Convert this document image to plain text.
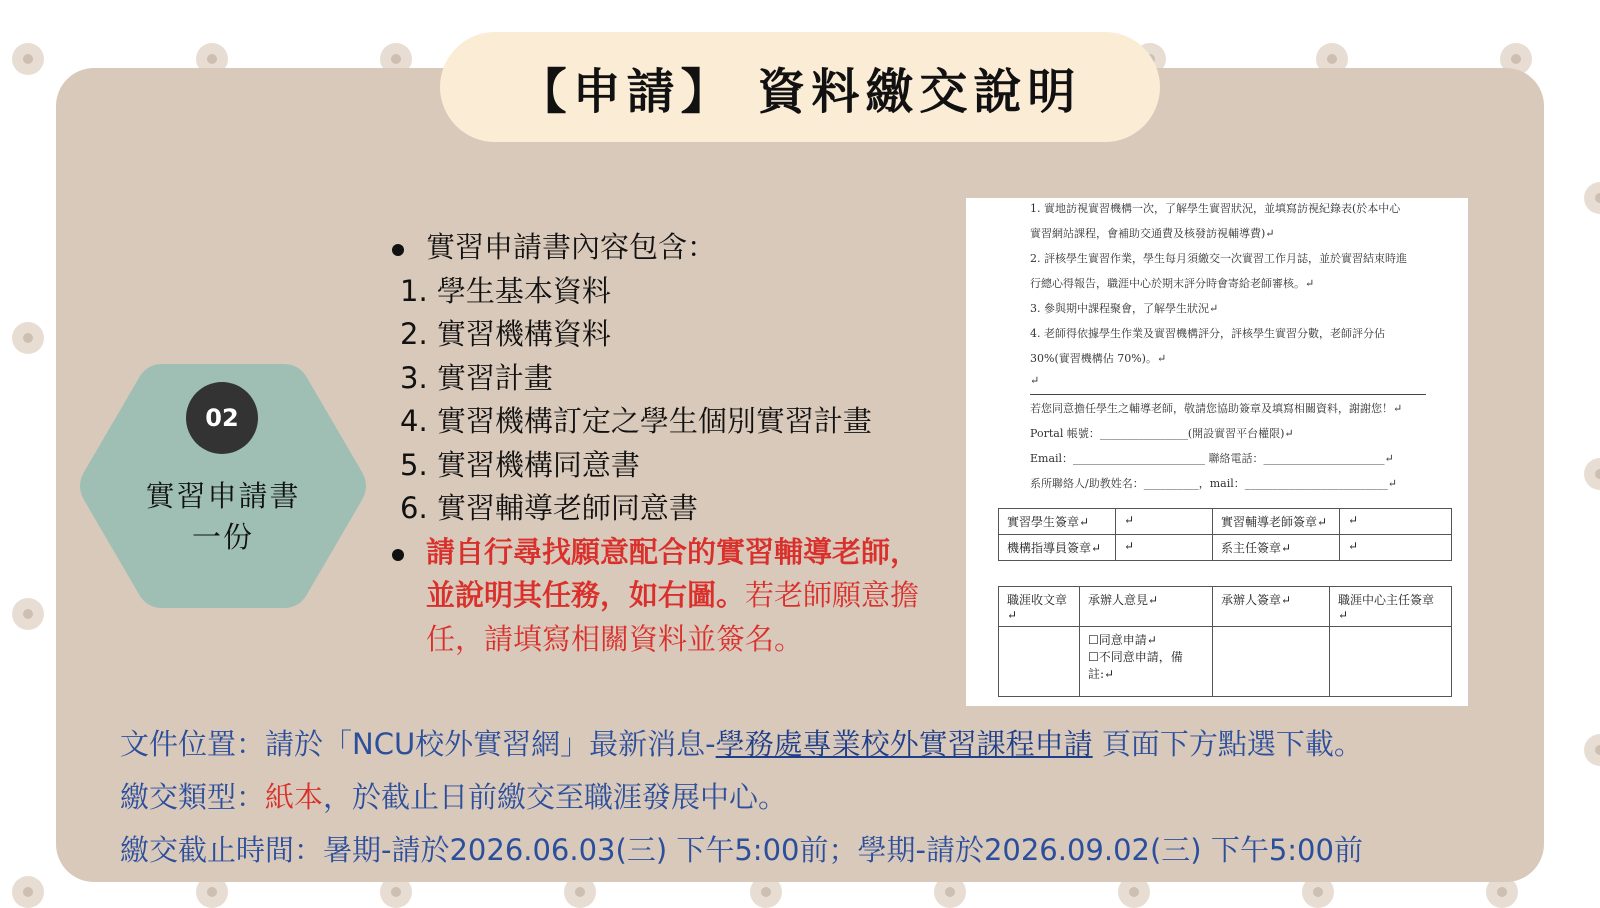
【申請】 資料繳交說明
02
實習申請書
一份
實習申請書內容包含：
1. 學生基本資料
2. 實習機構資料
3. 實習計畫
4. 實習機構訂定之學生個別實習計畫
5. 實習機構同意書
6. 實習輔導老師同意書
請自行尋找願意配合的實習輔導老師，並說明其任務，如右圖。若老師願意擔任，請填寫相關資料並簽名。
1. 實地訪視實習機構一次，了解學生實習狀況，並填寫訪視紀錄表(於本中心
實習網站課程，會補助交通費及核發訪視輔導費)↵
2. 評核學生實習作業，學生每月須繳交一次實習工作月誌，並於實習結束時進
行總心得報告，職涯中心於期末評分時會寄給老師審核。↵
3. 參與期中課程聚會，了解學生狀況↵
4. 老師得依據學生作業及實習機構評分，評核學生實習分數，老師評分佔
30%(實習機構佔 70%)。↵
↵
若您同意擔任學生之輔導老師，敬請您協助簽章及填寫相關資料，謝謝您！↵
Portal 帳號：________________(開設實習平台權限)↵
Email：________________________ 聯絡電話：______________________↵
系所聯絡人/助教姓名：__________，mail：__________________________↵
實習學生簽章↵	↵	實習輔導老師簽章↵	↵
機構指導員簽章↵	↵	系主任簽章↵	↵
職涯收文章↵	承辦人意見↵	承辦人簽章↵	職涯中心主任簽章↵

	☐同意申請↵
☐不同意申請，備註:↵		

文件位置：請於「NCU校外實習網」最新消息-學務處專業校外實習課程申請 頁面下方點選下載。
繳交類型：紙本，於截止日前繳交至職涯發展中心。
繳交截止時間：暑期-請於2026.06.03(三) 下午5:00前；學期-請於2026.09.02(三) 下午5:00前
